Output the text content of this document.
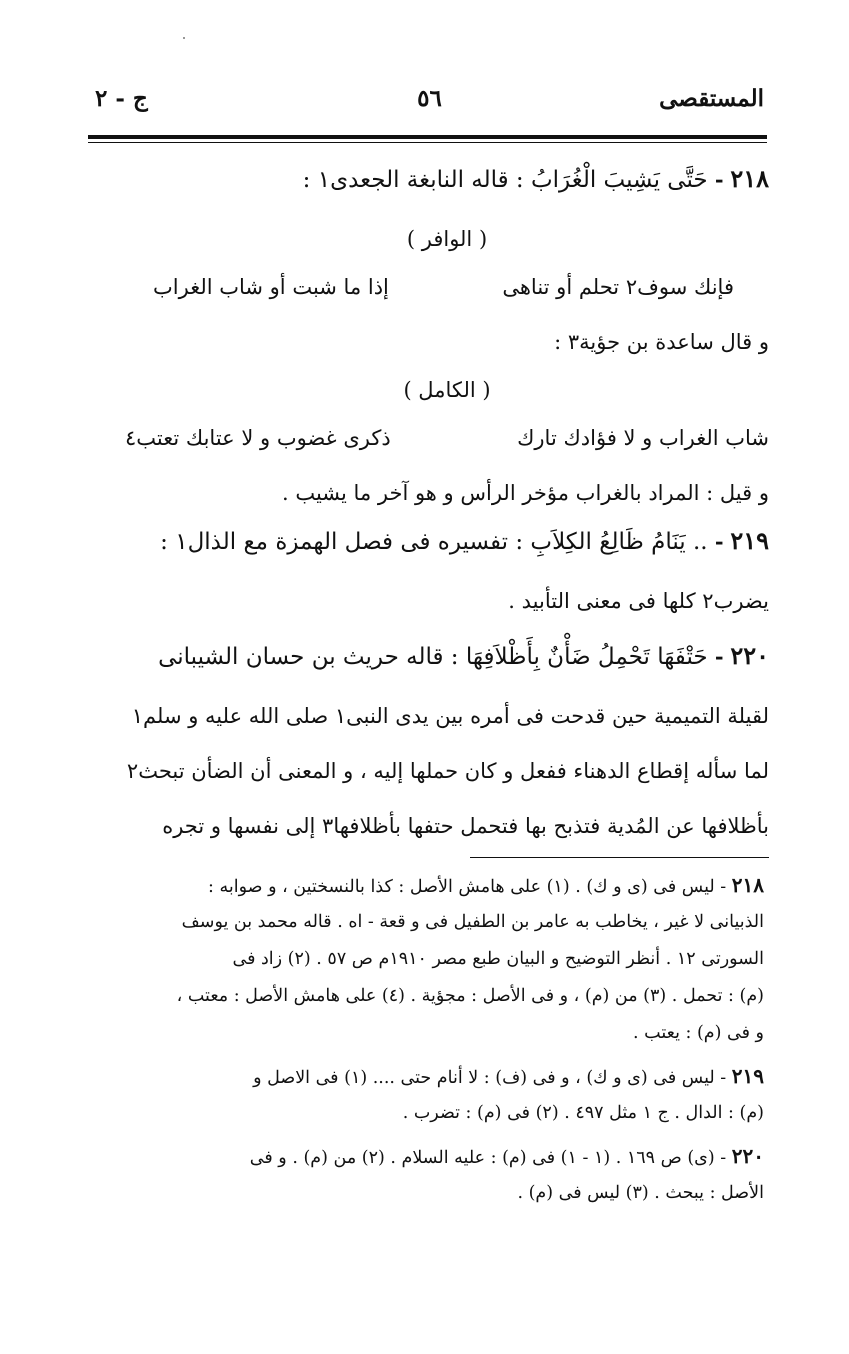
المستقصى
٥٦
ج - ٢
٢١٨ - حَتَّى يَشِيبَ الْغُرَابُ : قاله النابغة الجعدى١ :
( الوافر )
فإنك سوف٢ تحلم أو تناهى
إذا ما شبت أو شاب الغراب
و قال ساعدة بن جؤية٣ :
( الكامل )
شاب الغراب و لا فؤادك تارك
ذكرى غضوب و لا عتابك تعتب٤
و قيل : المراد بالغراب مؤخر الرأس و هو آخر ما يشيب .
٢١٩ - .. يَنَامُ ظَالِعُ الكِلاَبِ : تفسيره فى فصل الهمزة مع الذال١ :
يضرب٢ كلها فى معنى التأبيد .
٢٢٠ - حَتْفَهَا تَحْمِلُ ضَأْنٌ بِأَظْلاَفِهَا : قاله حريث بن حسان الشيبانى
لقيلة التميمية حين قدحت فى أمره بين يدى النبى١ صلى الله عليه و سلم١
لما سأله إقطاع الدهناء ففعل و كان حملها إليه ، و المعنى أن الضأن تبحث٢
بأظلافها عن المُدية فتذبح بها فتحمل حتفها بأظلافها٣ إلى نفسها و تجره
٢١٨ - ليس فى (ى و ك) . (١) على هامش الأصل : كذا بالنسختين ، و صوابه :
الذبيانى لا غير ، يخاطب به عامر بن الطفيل فى و قعة - اه . قاله محمد بن يوسف
السورتى ١٢ . أنظر التوضيح و البيان طبع مصر ١٩١٠م ص ٥٧ . (٢) زاد فى
(م) : تحمل . (٣) من (م) ، و فى الأصل : مجؤية . (٤) على هامش الأصل : معتب ،
و فى (م) : يعتب .
٢١٩ - ليس فى (ى و ك) ، و فى (ف) : لا أنام حتى .... (١) فى الاصل و
(م) : الدال . ج ١ مثل ٤٩٧ . (٢) فى (م) : تضرب .
٢٢٠ - (ى) ص ١٦٩ . (١ - ١) فى (م) : عليه السلام . (٢) من (م) . و فى
الأصل : يبحث . (٣) ليس فى (م) .
